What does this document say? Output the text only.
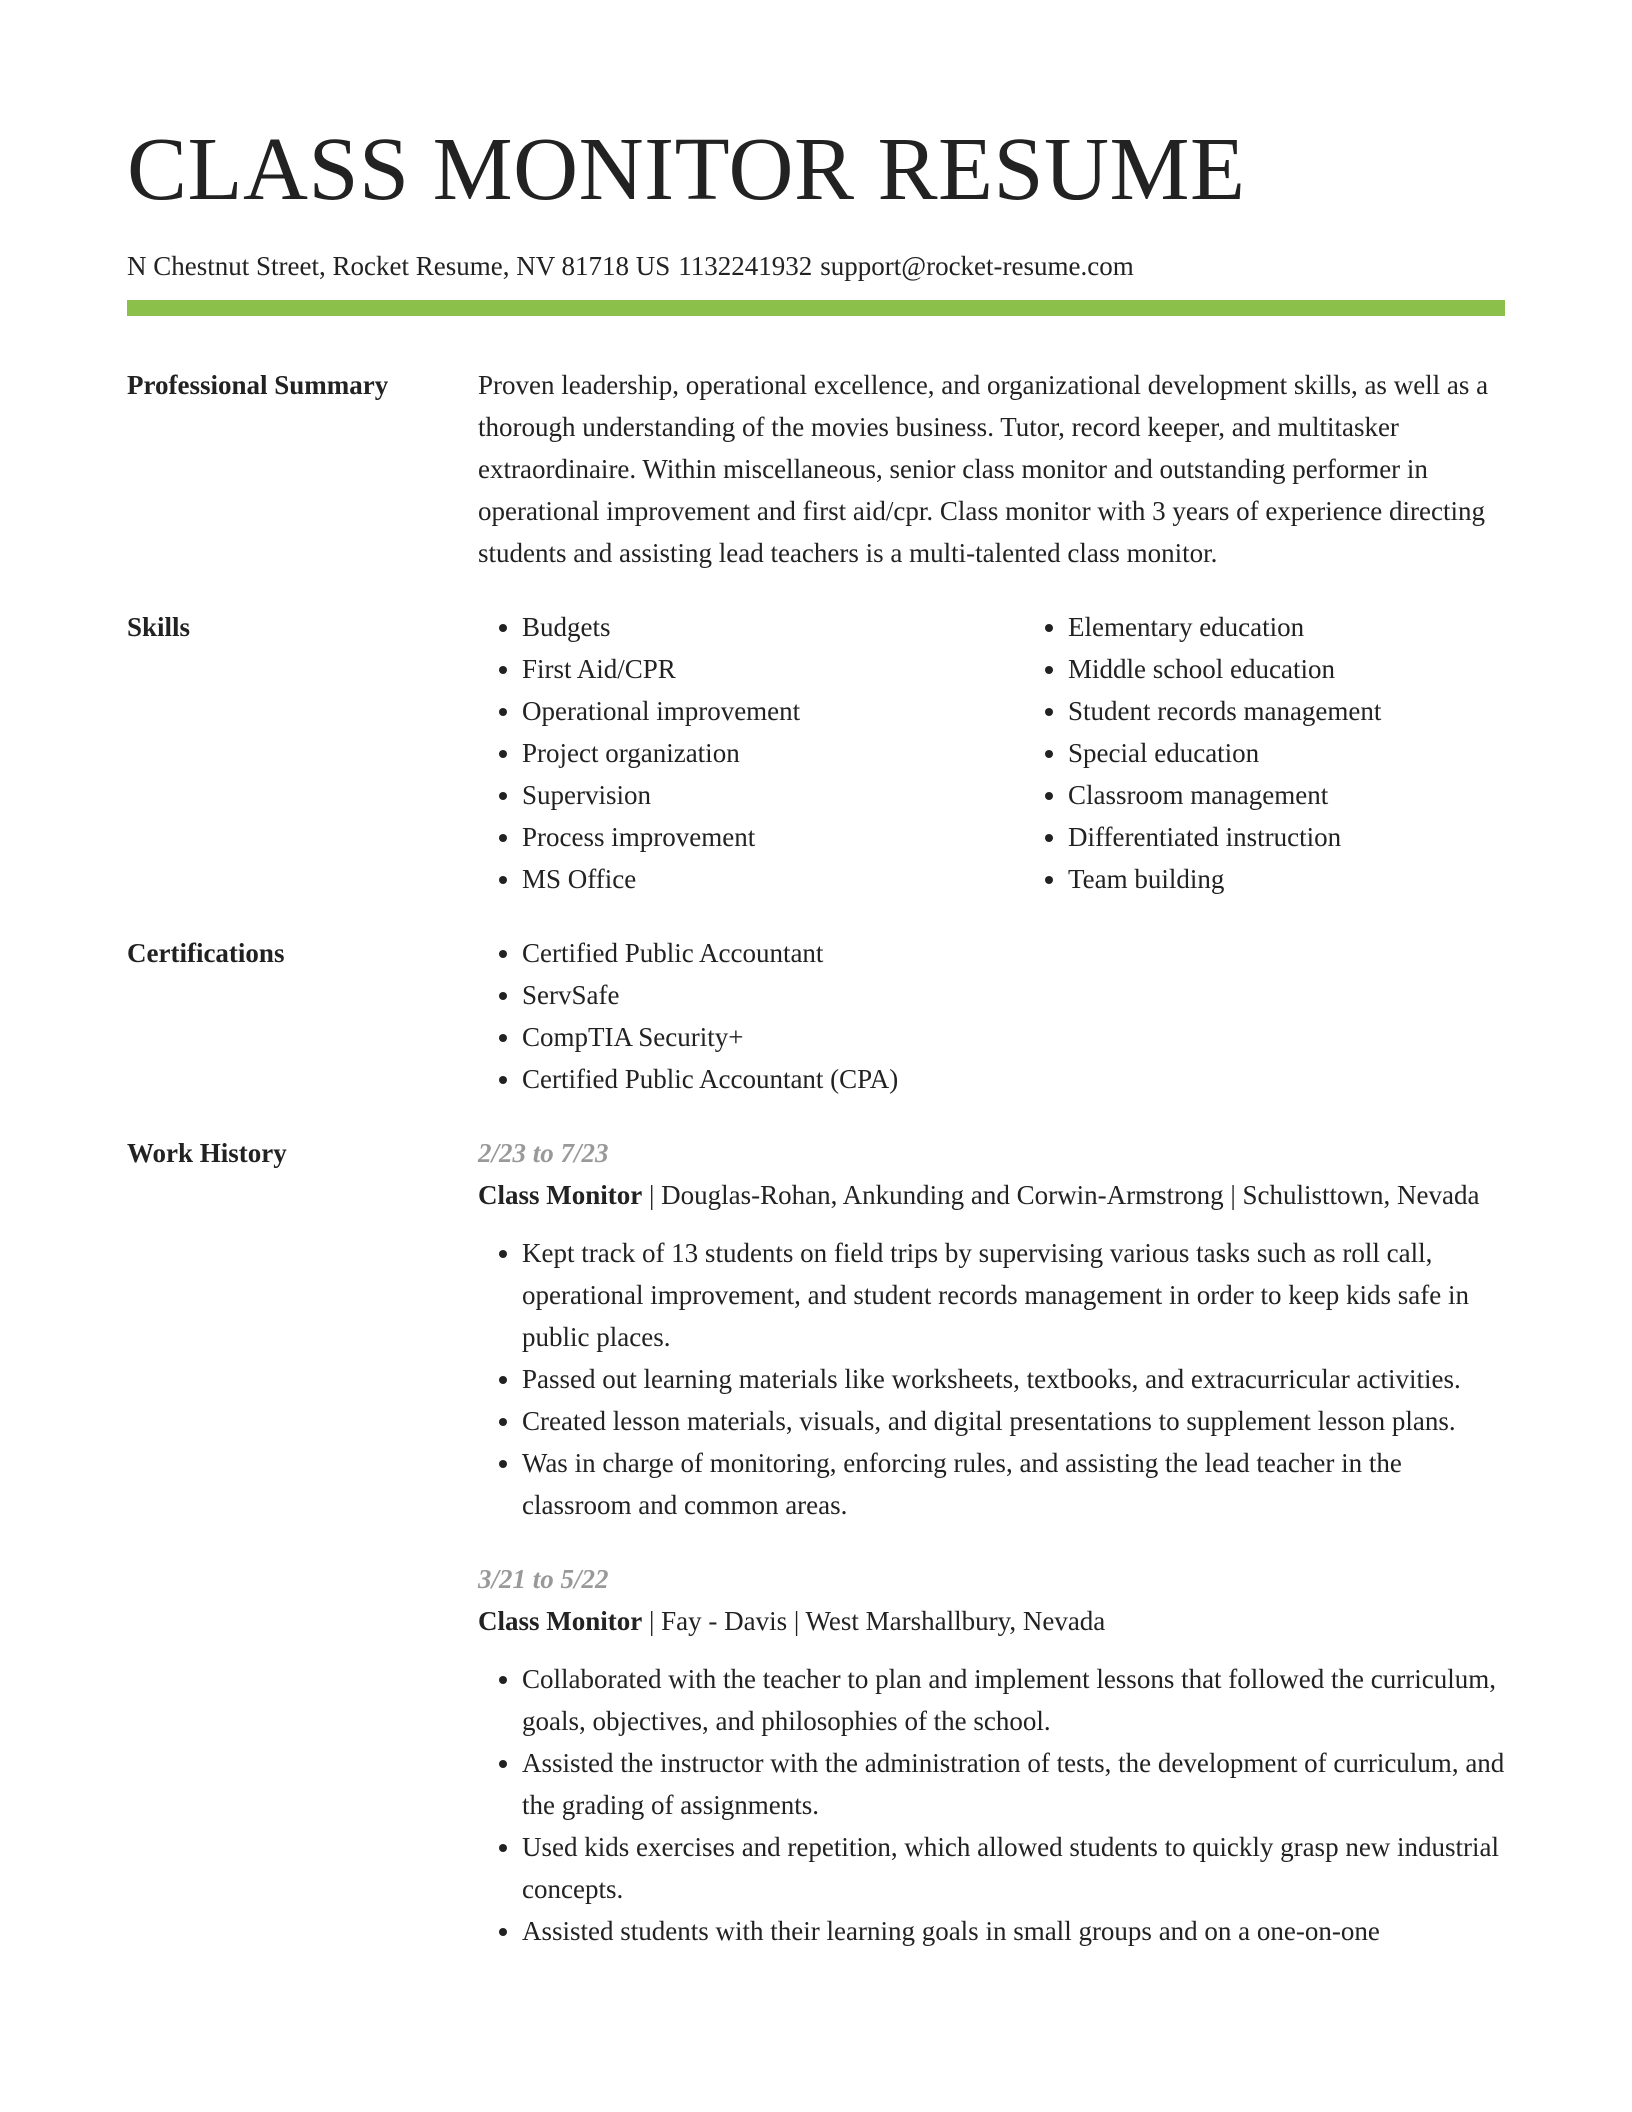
CLASS MONITOR RESUME
N Chestnut Street, Rocket Resume, NV 81718 US 1132241932 support@rocket-resume.com
Professional Summary	Proven leadership, operational excellence, and organizational development skills, as well as a thorough understanding of the movies business. Tutor, record keeper, and multitasker extraordinaire. Within miscellaneous, senior class monitor and outstanding performer in operational improvement and first aid/cpr. Class monitor with 3 years of experience directing students and assisting lead teachers is a multi-talented class monitor.

Skills	• Budgets
• First Aid/CPR
• Operational improvement
• Project organization
• Supervision
• Process improvement
• MS Office
• Elementary education
• Middle school education
• Student records management
• Special education
• Classroom management
• Differentiated instruction
• Team building
Certifications	• Certified Public Accountant
• ServSafe
• CompTIA Security+
• Certified Public Accountant (CPA)
Work History	2/23 to 7/23
Class Monitor | Douglas-Rohan, Ankunding and Corwin-Armstrong | Schulisttown, Nevada
• Kept track of 13 students on field trips by supervising various tasks such as roll call, operational improvement, and student records management in order to keep kids safe in public places.
• Passed out learning materials like worksheets, textbooks, and extracurricular activities.
• Created lesson materials, visuals, and digital presentations to supplement lesson plans.
• Was in charge of monitoring, enforcing rules, and assisting the lead teacher in the classroom and common areas.
3/21 to 5/22
Class Monitor | Fay - Davis | West Marshallbury, Nevada
• Collaborated with the teacher to plan and implement lessons that followed the curriculum, goals, objectives, and philosophies of the school.
• Assisted the instructor with the administration of tests, the development of curriculum, and the grading of assignments.
• Used kids exercises and repetition, which allowed students to quickly grasp new industrial concepts.
• Assisted students with their learning goals in small groups and on a one-on-one
